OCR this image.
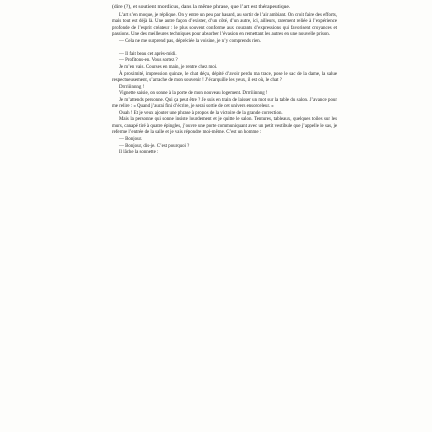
(dire (?), et soutient mordicus, dans la même phrase, que l’art est thérapeutique.

L’art s’en moque, je réplique. On y entre un peu par hasard, au sortir de l’air ambiant. On croit faire des efforts, mais tout est déjà là. Une autre façon d’exister, d’un côté, d’un autre, ici, ailleurs, rarement reliée à l’expérience profonde de l’esprit créateur : le plus souvent conforme aux courants d’expressions qui favorisent croyances et passions. Une des meilleures techniques pour absorber l’évasion en remettant les autres en une nouvelle prison.

— Cela ne me surprend pas, dépréciée la voisine, je n’y comprends rien.

— Il fait beau cet après-midi.

— Profitons-en. Vous sortez ?

Je m’en vais. Courses en main, je rentre chez moi.

À proximité, impression quinze, le chat déçu, dépité d’avoir perdu ma trace, pose le sac de la dame, la salue respectueusement, s’arrache de mon souvenir ! J’écarquille les yeux, il est où, le chat ?

Drrriiinnng !

Vignette saisie, on sonne à la porte de mon nouveau logement. Drrriiinnng !

Je m’attends personne. Qui ça peut être ? Je suis en train de laisser un mot sur la table du salon. J’avance pour me relire : « Quand j’aurai fini d’écrire, je serai sortie de cet univers ensorceleur. »

Ouah ! Et je veux ajouter une phrase à propos de la victoire de la grande correction.

Mais la personne qui sonne insiste lourdement et je quitte le salon. Tentures, tableaux, quelques toiles sur les murs, canapé tiré à quatre épingles, j’ouvre une porte communiquant avec un petit vestibule que j’appelle le sas, je referme l’entrée de la salle et je vais répondre moi-même. C’est un homme :

— Bonjour.

— Bonjour, dis-je. C’est pourquoi ?

Il lâche la sonnette :
